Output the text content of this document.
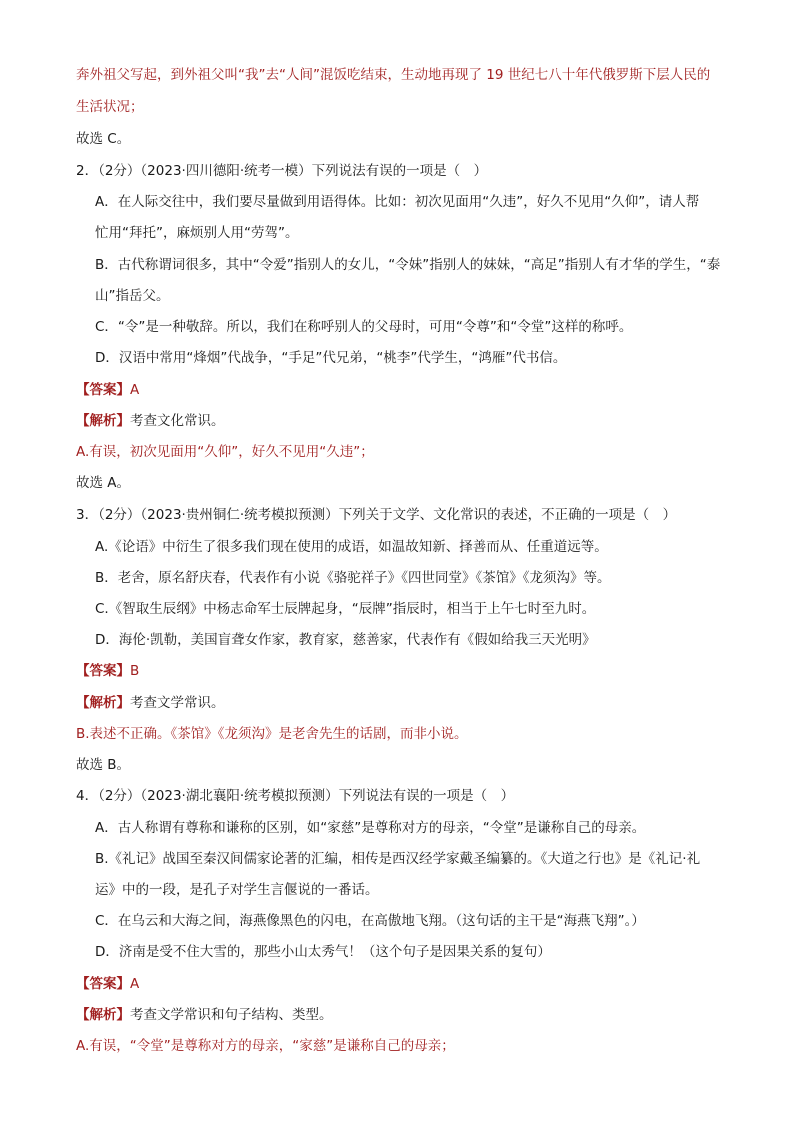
奔外祖父写起，到外祖父叫“我”去“人间”混饭吃结束，生动地再现了 19 世纪七八十年代俄罗斯下层人民的
生活状况；
故选 C。
2．（2分）（2023·四川德阳·统考一模）下列说法有误的一项是（　）
A．在人际交往中，我们要尽量做到用语得体。比如：初次见面用“久违”，好久不见用“久仰”，请人帮
忙用“拜托”，麻烦别人用“劳驾”。
B．古代称谓词很多，其中“令爱”指别人的女儿，“令妹”指别人的妹妹，“高足”指别人有才华的学生，“泰
山”指岳父。
C．“令”是一种敬辞。所以，我们在称呼别人的父母时，可用“令尊”和“令堂”这样的称呼。
D．汉语中常用“烽烟”代战争，“手足”代兄弟，“桃李”代学生，“鸿雁”代书信。
【答案】A
【解析】考查文化常识。
A.有误，初次见面用“久仰”，好久不见用“久违”；
故选 A。
3．（2分）（2023·贵州铜仁·统考模拟预测）下列关于文学、文化常识的表述，不正确的一项是（　）
A.《论语》中衍生了很多我们现在使用的成语，如温故知新、择善而从、任重道远等。
B．老舍，原名舒庆春，代表作有小说《骆驼祥子》《四世同堂》《茶馆》《龙须沟》等。
C.《智取生辰纲》中杨志命军士辰牌起身，“辰牌”指辰时，相当于上午七时至九时。
D．海伦·凯勒，美国盲聋女作家，教育家，慈善家，代表作有《假如给我三天光明》
【答案】B
【解析】考查文学常识。
B.表述不正确。《茶馆》《龙须沟》是老舍先生的话剧，而非小说。
故选 B。
4．（2分）（2023·湖北襄阳·统考模拟预测）下列说法有误的一项是（　）
A．古人称谓有尊称和谦称的区别，如“家慈”是尊称对方的母亲，“令堂”是谦称自己的母亲。
B.《礼记》战国至秦汉间儒家论著的汇编，相传是西汉经学家戴圣编纂的。《大道之行也》是《礼记·礼
运》中的一段，是孔子对学生言偃说的一番话。
C．在乌云和大海之间，海燕像黑色的闪电，在高傲地飞翔。（这句话的主干是“海燕飞翔”。）
D．济南是受不住大雪的，那些小山太秀气！（这个句子是因果关系的复句）
【答案】A
【解析】考查文学常识和句子结构、类型。
A.有误，“令堂”是尊称对方的母亲，“家慈”是谦称自己的母亲；
